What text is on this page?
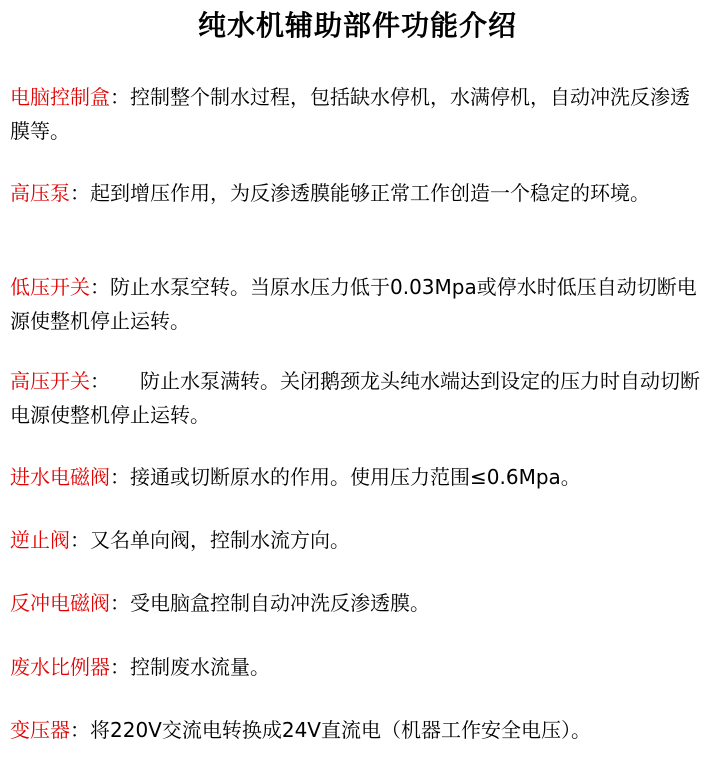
纯水机辅助部件功能介绍

电脑控制盒：控制整个制水过程，包括缺水停机，水满停机，自动冲洗反渗透膜等。

高压泵：起到增压作用，为反渗透膜能够正常工作创造一个稳定的环境。

低压开关：防止水泵空转。当原水压力低于0.03Mpa或停水时低压自动切断电源使整机停止运转。

高压开关：　　防止水泵满转。关闭鹅颈龙头纯水端达到设定的压力时自动切断电源使整机停止运转。

进水电磁阀：接通或切断原水的作用。使用压力范围≤0.6Mpa。

逆止阀：又名单向阀，控制水流方向。

反冲电磁阀：受电脑盒控制自动冲洗反渗透膜。

废水比例器：控制废水流量。

变压器：将220V交流电转换成24V直流电（机器工作安全电压）。
